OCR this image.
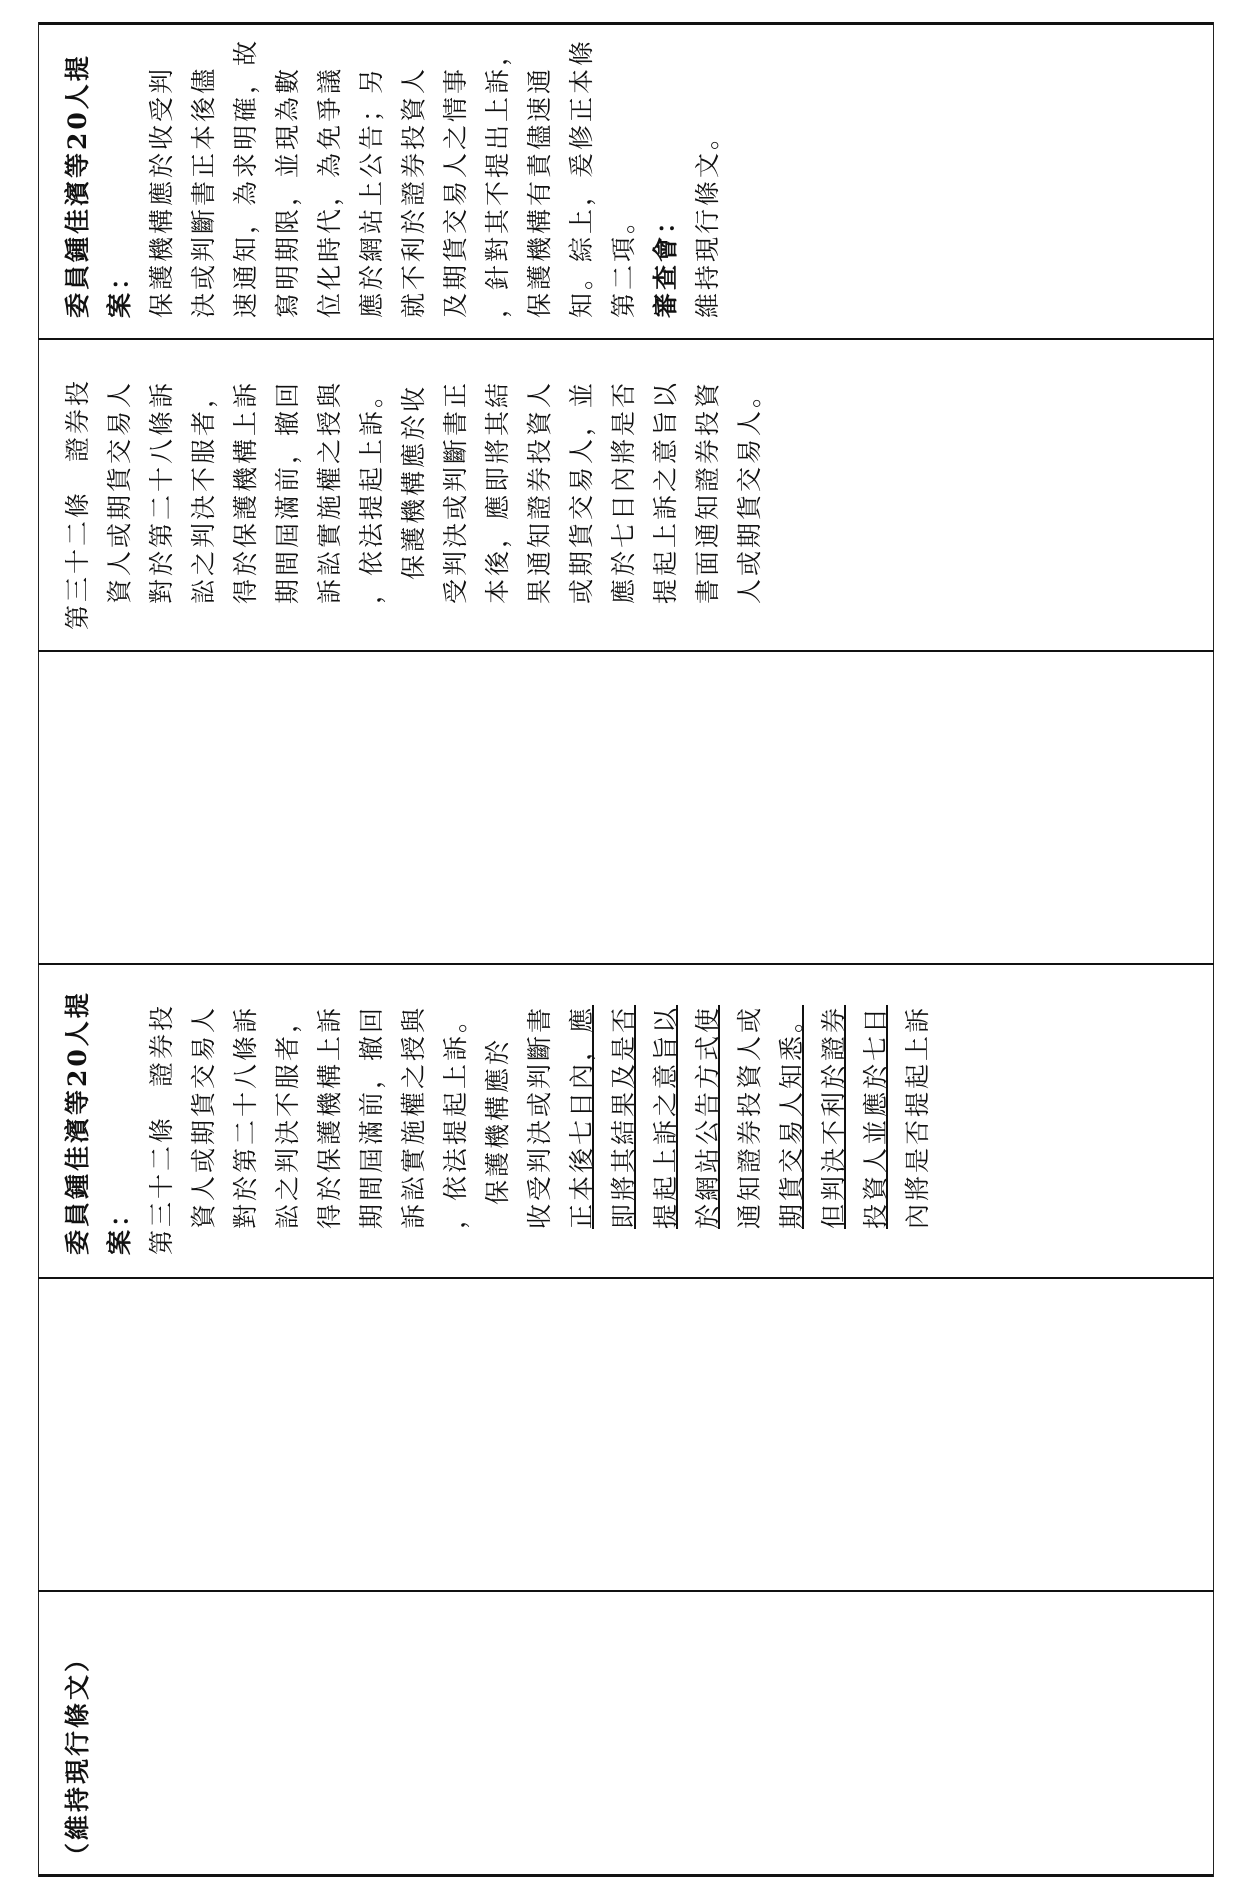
委員鍾佳濱等20人提 案： 保護機構應於收受判 決或判斷書正本後儘 速通知，為求明確，故 寫明期限，並現為數 位化時代，為免爭議 應於網站上公告；另 就不利於證券投資人 及期貨交易人之情事 ，針對其不提出上訴， 保護機構有責儘速通 知。綜上，爰修正本條 第二項。 審查會： 維持現行條文。
第三十二條　證券投 資人或期貨交易人 對於第二十八條訴 訟之判決不服者， 得於保護機構上訴 期間屆滿前，撤回 訴訟實施權之授與 ，依法提起上訴。 保護機構應於收 受判決或判斷書正 本後，應即將其結 果通知證券投資人 或期貨交易人，並 應於七日內將是否 提起上訴之意旨以 書面通知證券投資 人或期貨交易人。
委員鍾佳濱等20人提 案： 第三十二條　證券投 資人或期貨交易人 對於第二十八條訴 訟之判決不服者， 得於保護機構上訴 期間屆滿前，撤回 訴訟實施權之授與 ，依法提起上訴。 保護機構應於 收受判決或判斷書 正本後七日內，應 即將其結果及是否 提起上訴之意旨以 於網站公告方式使 通知證券投資人或 期貨交易人知悉。 但判決不利於證券 投資人並應於七日 內將是否提起上訴
（維持現行條文）
